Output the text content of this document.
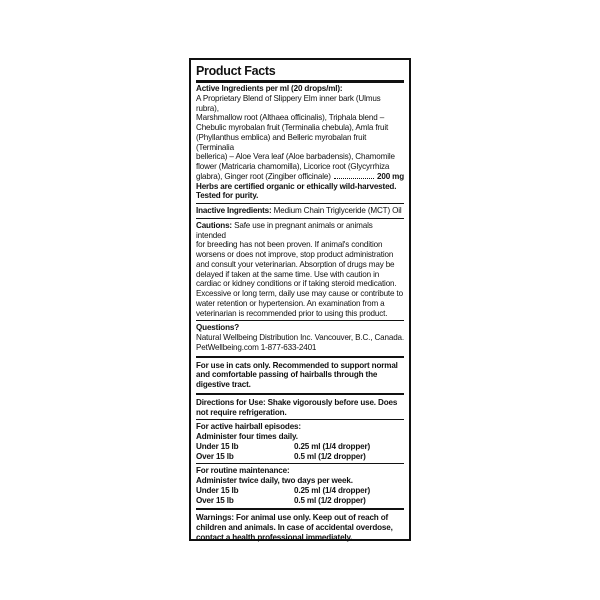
Product Facts
Active Ingredients per ml (20 drops/ml):
A Proprietary Blend of Slippery Elm inner bark (Ulmus rubra),
Marshmallow root (Althaea officinalis), Triphala blend –
Chebulic myrobalan fruit (Terminalia chebula), Amla fruit
(Phyllanthus emblica) and Belleric myrobalan fruit (Terminalia
bellerica) – Aloe Vera leaf (Aloe barbadensis), Chamomile
flower (Matricaria chamomilla), Licorice root (Glycyrrhiza
glabra), Ginger root (Zingiber officinale)	200 mg
Herbs are certified organic or ethically wild-harvested.
Tested for purity.
Inactive Ingredients: Medium Chain Triglyceride (MCT) Oil
Cautions: Safe use in pregnant animals or animals intended
for breeding has not been proven. If animal's condition
worsens or does not improve, stop product administration
and consult your veterinarian. Absorption of drugs may be
delayed if taken at the same time. Use with caution in
cardiac or kidney conditions or if taking steroid medication.
Excessive or long term, daily use may cause or contribute to
water retention or hypertension. An examination from a
veterinarian is recommended prior to using this product.
Questions?
Natural Wellbeing Distribution Inc. Vancouver, B.C., Canada.
PetWellbeing.com 1-877-633-2401
For use in cats only. Recommended to support normal
and comfortable passing of hairballs through the
digestive tract.
Directions for Use: Shake vigorously before use. Does
not require refrigeration.
For active hairball episodes:
Administer four times daily.
Under 15 lb	0.25 ml (1/4 dropper)
Over 15 lb	0.5 ml (1/2 dropper)
For routine maintenance:
Administer twice daily, two days per week.
Under 15 lb	0.25 ml (1/4 dropper)
Over 15 lb	0.5 ml (1/2 dropper)
Warnings: For animal use only. Keep out of reach of
children and animals. In case of accidental overdose,
contact a health professional immediately.
